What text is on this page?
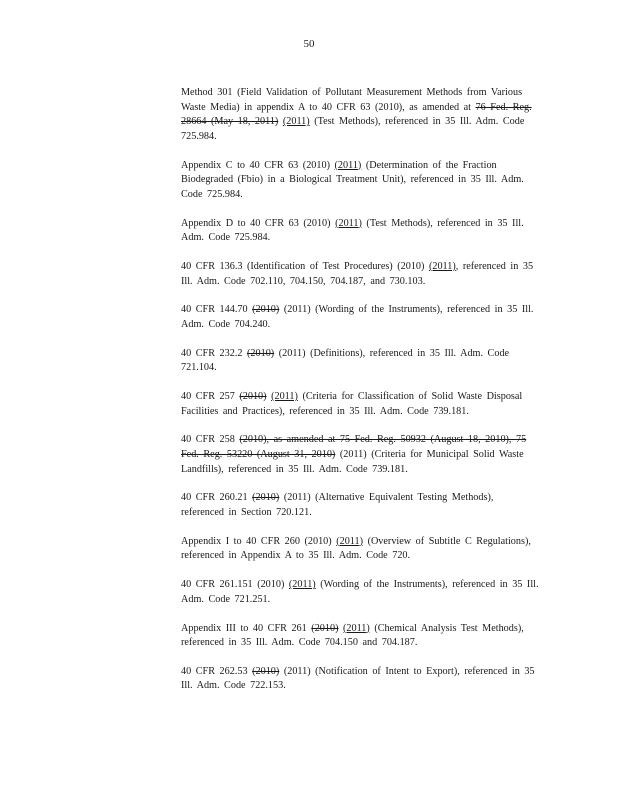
50

Method 301 (Field Validation of Pollutant Measurement Methods from Various Waste Media) in appendix A to 40 CFR 63 (2010), as amended at 76 Fed. Reg. 28664 (May 18, 2011) (2011) (Test Methods), referenced in 35 Ill. Adm. Code 725.984.

Appendix C to 40 CFR 63 (2010) (2011) (Determination of the Fraction Biodegraded (Fbio) in a Biological Treatment Unit), referenced in 35 Ill. Adm. Code 725.984.

Appendix D to 40 CFR 63 (2010) (2011) (Test Methods), referenced in 35 Ill. Adm. Code 725.984.

40 CFR 136.3 (Identification of Test Procedures) (2010) (2011), referenced in 35 Ill. Adm. Code 702.110, 704.150, 704.187, and 730.103.

40 CFR 144.70 (2010) (2011) (Wording of the Instruments), referenced in 35 Ill. Adm. Code 704.240.

40 CFR 232.2 (2010) (2011) (Definitions), referenced in 35 Ill. Adm. Code 721.104.

40 CFR 257 (2010) (2011) (Criteria for Classification of Solid Waste Disposal Facilities and Practices), referenced in 35 Ill. Adm. Code 739.181.

40 CFR 258 (2010), as amended at 75 Fed. Reg. 50932 (August 18, 2010), 75 Fed. Reg. 53220 (August 31, 2010) (2011) (Criteria for Municipal Solid Waste Landfills), referenced in 35 Ill. Adm. Code 739.181.

40 CFR 260.21 (2010) (2011) (Alternative Equivalent Testing Methods), referenced in Section 720.121.

Appendix I to 40 CFR 260 (2010) (2011) (Overview of Subtitle C Regulations), referenced in Appendix A to 35 Ill. Adm. Code 720.

40 CFR 261.151 (2010) (2011) (Wording of the Instruments), referenced in 35 Ill. Adm. Code 721.251.

Appendix III to 40 CFR 261 (2010) (2011) (Chemical Analysis Test Methods), referenced in 35 Ill. Adm. Code 704.150 and 704.187.

40 CFR 262.53 (2010) (2011) (Notification of Intent to Export), referenced in 35 Ill. Adm. Code 722.153.
